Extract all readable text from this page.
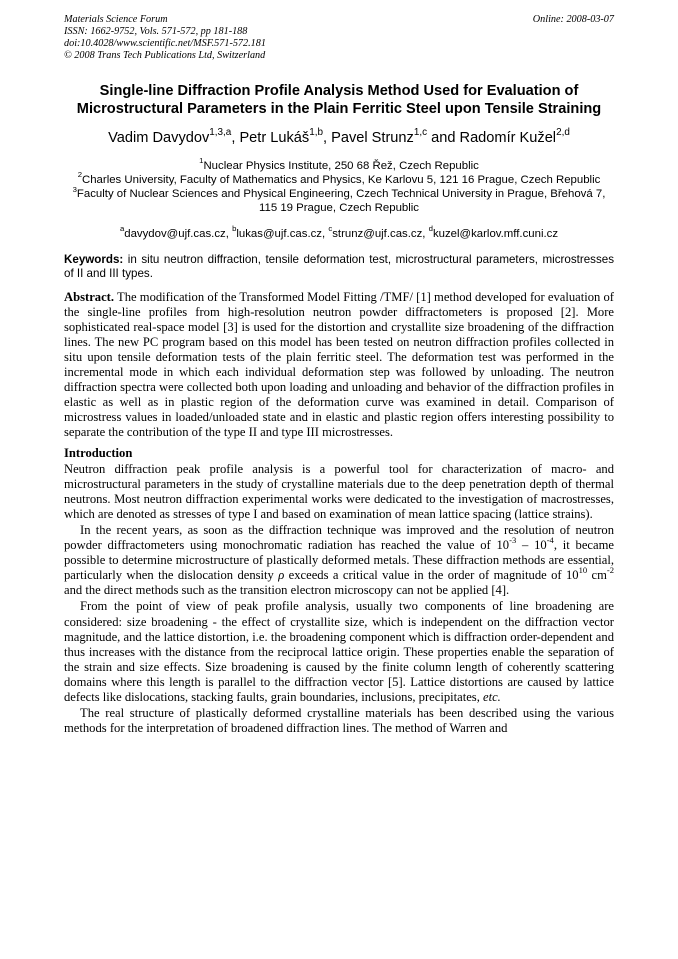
Materials Science Forum
ISSN: 1662-9752, Vols. 571-572, pp 181-188
doi:10.4028/www.scientific.net/MSF.571-572.181
© 2008 Trans Tech Publications Ltd, Switzerland
Online: 2008-03-07
Single-line Diffraction Profile Analysis Method Used for Evaluation of Microstructural Parameters in the Plain Ferritic Steel upon Tensile Straining
Vadim Davydov$^{1,3,a}$, Petr Lukáš$^{1,b}$, Pavel Strunz$^{1,c}$ and Radomír Kužel$^{2,d}$
$^1$Nuclear Physics Institute, 250 68 Řež, Czech Republic
$^2$Charles University, Faculty of Mathematics and Physics, Ke Karlovu 5, 121 16 Prague, Czech Republic
$^3$Faculty of Nuclear Sciences and Physical Engineering, Czech Technical University in Prague, Břehová 7, 115 19 Prague, Czech Republic
$^a$davydov@ujf.cas.cz, $^b$lukas@ujf.cas.cz, $^c$strunz@ujf.cas.cz, $^d$kuzel@karlov.mff.cuni.cz
Keywords: in situ neutron diffraction, tensile deformation test, microstructural parameters, microstresses of II and III types.
Abstract. The modification of the Transformed Model Fitting /TMF/ [1] method developed for evaluation of the single-line profiles from high-resolution neutron powder diffractometers is proposed [2]. More sophisticated real-space model [3] is used for the distortion and crystallite size broadening of the diffraction lines. The new PC program based on this model has been tested on neutron diffraction profiles collected in situ upon tensile deformation tests of the plain ferritic steel. The deformation test was performed in the incremental mode in which each individual deformation step was followed by unloading. The neutron diffraction spectra were collected both upon loading and unloading and behavior of the diffraction profiles in elastic as well as in plastic region of the deformation curve was examined in detail. Comparison of microstress values in loaded/unloaded state and in elastic and plastic region offers interesting possibility to separate the contribution of the type II and type III microstresses.
Introduction
Neutron diffraction peak profile analysis is a powerful tool for characterization of macro- and microstructural parameters in the study of crystalline materials due to the deep penetration depth of thermal neutrons. Most neutron diffraction experimental works were dedicated to the investigation of macrostresses, which are denoted as stresses of type I and based on examination of mean lattice spacing (lattice strains).
In the recent years, as soon as the diffraction technique was improved and the resolution of neutron powder diffractometers using monochromatic radiation has reached the value of $10^{-3} - 10^{-4}$, it became possible to determine microstructure of plastically deformed metals. These diffraction methods are essential, particularly when the dislocation density ρ exceeds a critical value in the order of magnitude of $10^{10}$ $cm^{-2}$ and the direct methods such as the transition electron microscopy can not be applied [4].
From the point of view of peak profile analysis, usually two components of line broadening are considered: size broadening - the effect of crystallite size, which is independent on the diffraction vector magnitude, and the lattice distortion, i.e. the broadening component which is diffraction order-dependent and thus increases with the distance from the reciprocal lattice origin. These properties enable the separation of the strain and size effects. Size broadening is caused by the finite column length of coherently scattering domains where this length is parallel to the diffraction vector [5]. Lattice distortions are caused by lattice defects like dislocations, stacking faults, grain boundaries, inclusions, precipitates, etc.
The real structure of plastically deformed crystalline materials has been described using the various methods for the interpretation of broadened diffraction lines. The method of Warren and
